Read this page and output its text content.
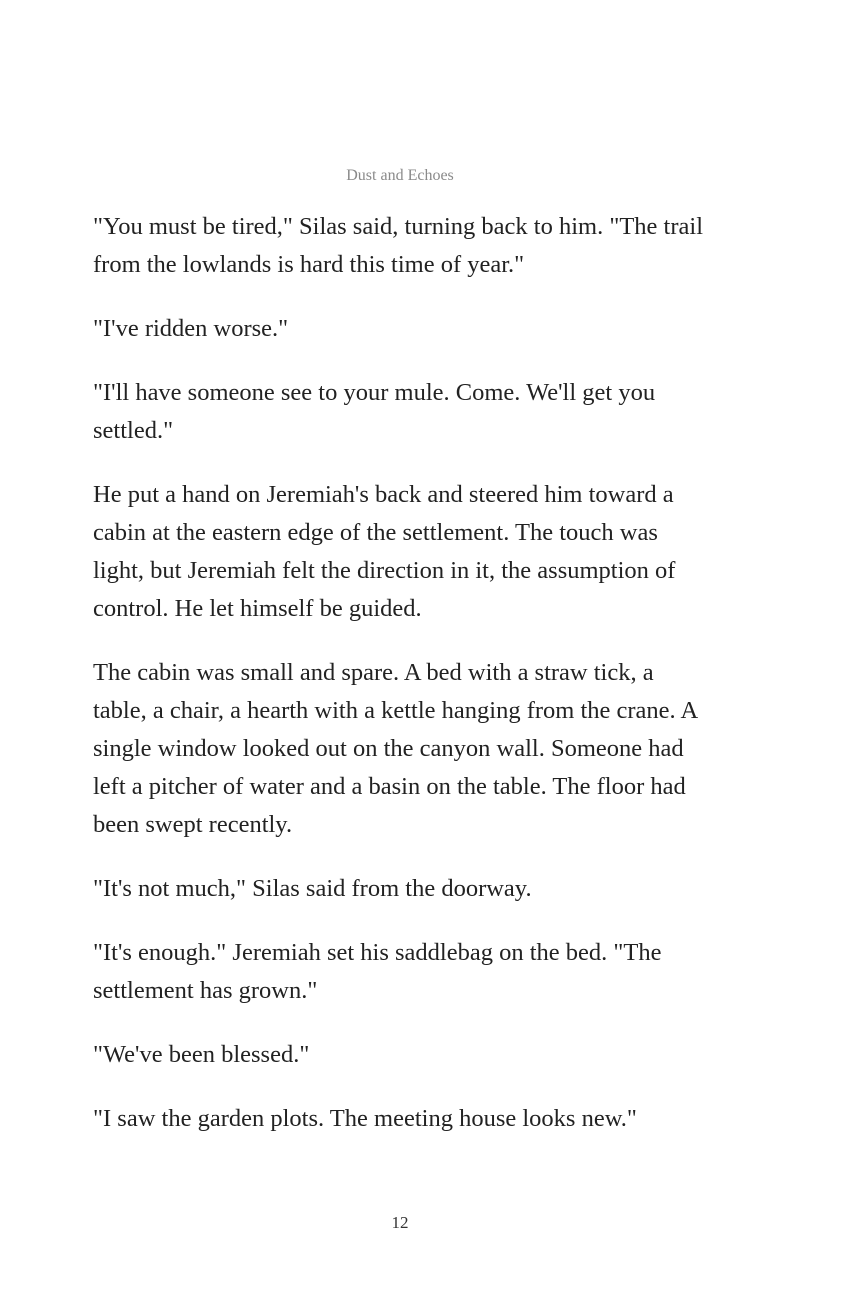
Dust and Echoes

"You must be tired," Silas said, turning back to him. "The trail from the lowlands is hard this time of year."

"I've ridden worse."

"I'll have someone see to your mule. Come. We'll get you settled."

He put a hand on Jeremiah's back and steered him toward a cabin at the eastern edge of the settlement. The touch was light, but Jeremiah felt the direction in it, the assumption of control. He let himself be guided.

The cabin was small and spare. A bed with a straw tick, a table, a chair, a hearth with a kettle hanging from the crane. A single window looked out on the canyon wall. Someone had left a pitcher of water and a basin on the table. The floor had been swept recently.

"It's not much," Silas said from the doorway.

"It's enough." Jeremiah set his saddlebag on the bed. "The settlement has grown."

"We've been blessed."

"I saw the garden plots. The meeting house looks new."

12
